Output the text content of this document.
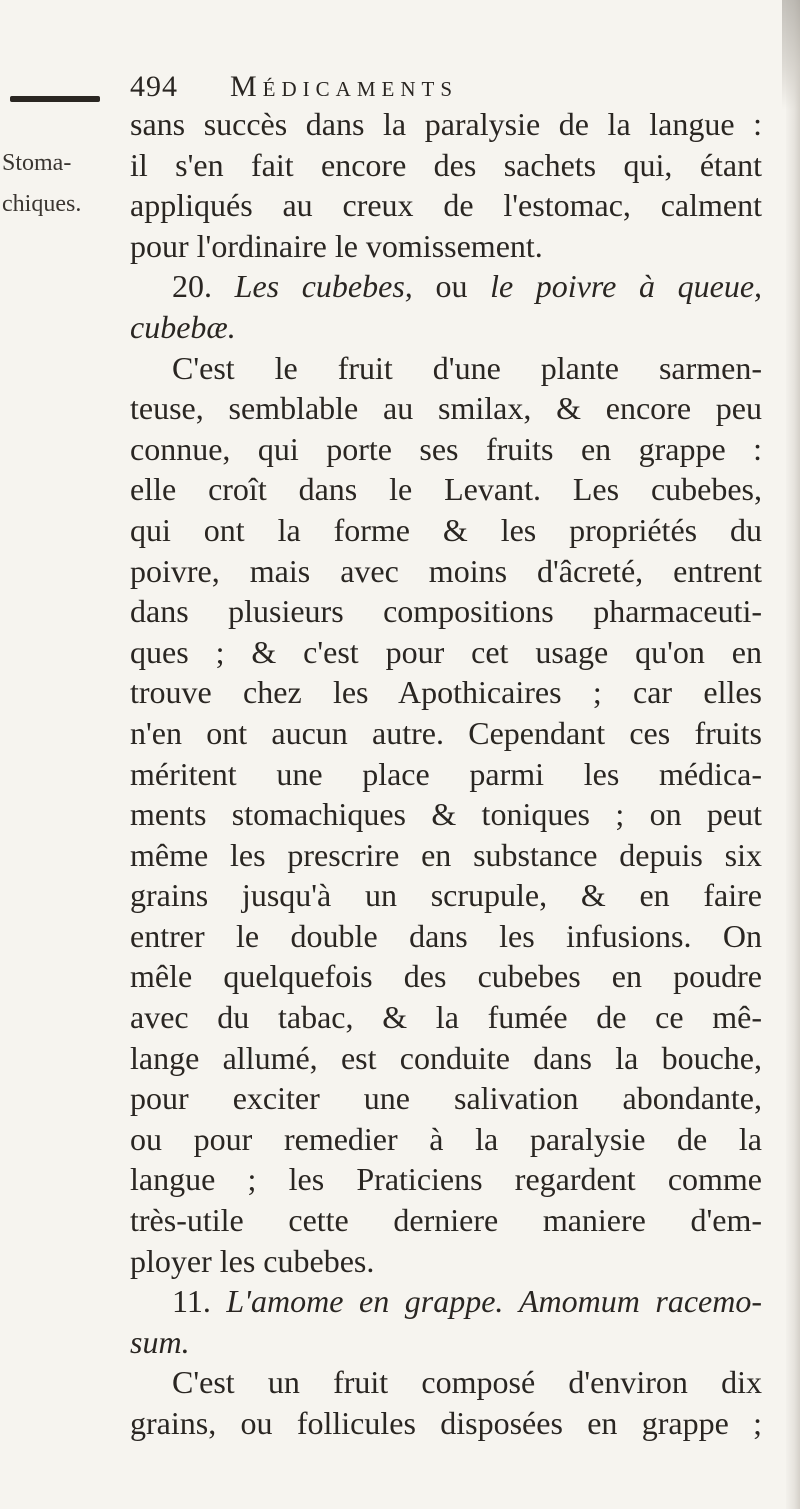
494 Médicaments
Stoma-
chiques.
sans succès dans la paralysie de la langue :
il s'en fait encore des sachets qui, étant
appliqués au creux de l'estomac, calment
pour l'ordinaire le vomissement.
20. Les cubebes, ou le poivre à queue,
cubebæ.
C'est le fruit d'une plante sarmen-
teuse, semblable au smilax, & encore peu
connue, qui porte ses fruits en grappe :
elle croît dans le Levant. Les cubebes,
qui ont la forme & les propriétés du
poivre, mais avec moins d'âcreté, entrent
dans plusieurs compositions pharmaceuti-
ques ; & c'est pour cet usage qu'on en
trouve chez les Apothicaires ; car elles
n'en ont aucun autre. Cependant ces fruits
méritent une place parmi les médica-
ments stomachiques & toniques ; on peut
même les prescrire en substance depuis six
grains jusqu'à un scrupule, & en faire
entrer le double dans les infusions. On
mêle quelquefois des cubebes en poudre
avec du tabac, & la fumée de ce mê-
lange allumé, est conduite dans la bouche,
pour exciter une salivation abondante,
ou pour remedier à la paralysie de la
langue ; les Praticiens regardent comme
très-utile cette derniere maniere d'em-
ployer les cubebes.
11. L'amome en grappe. Amomum racemo-
sum.
C'est un fruit composé d'environ dix
grains, ou follicules disposées en grappe ;
